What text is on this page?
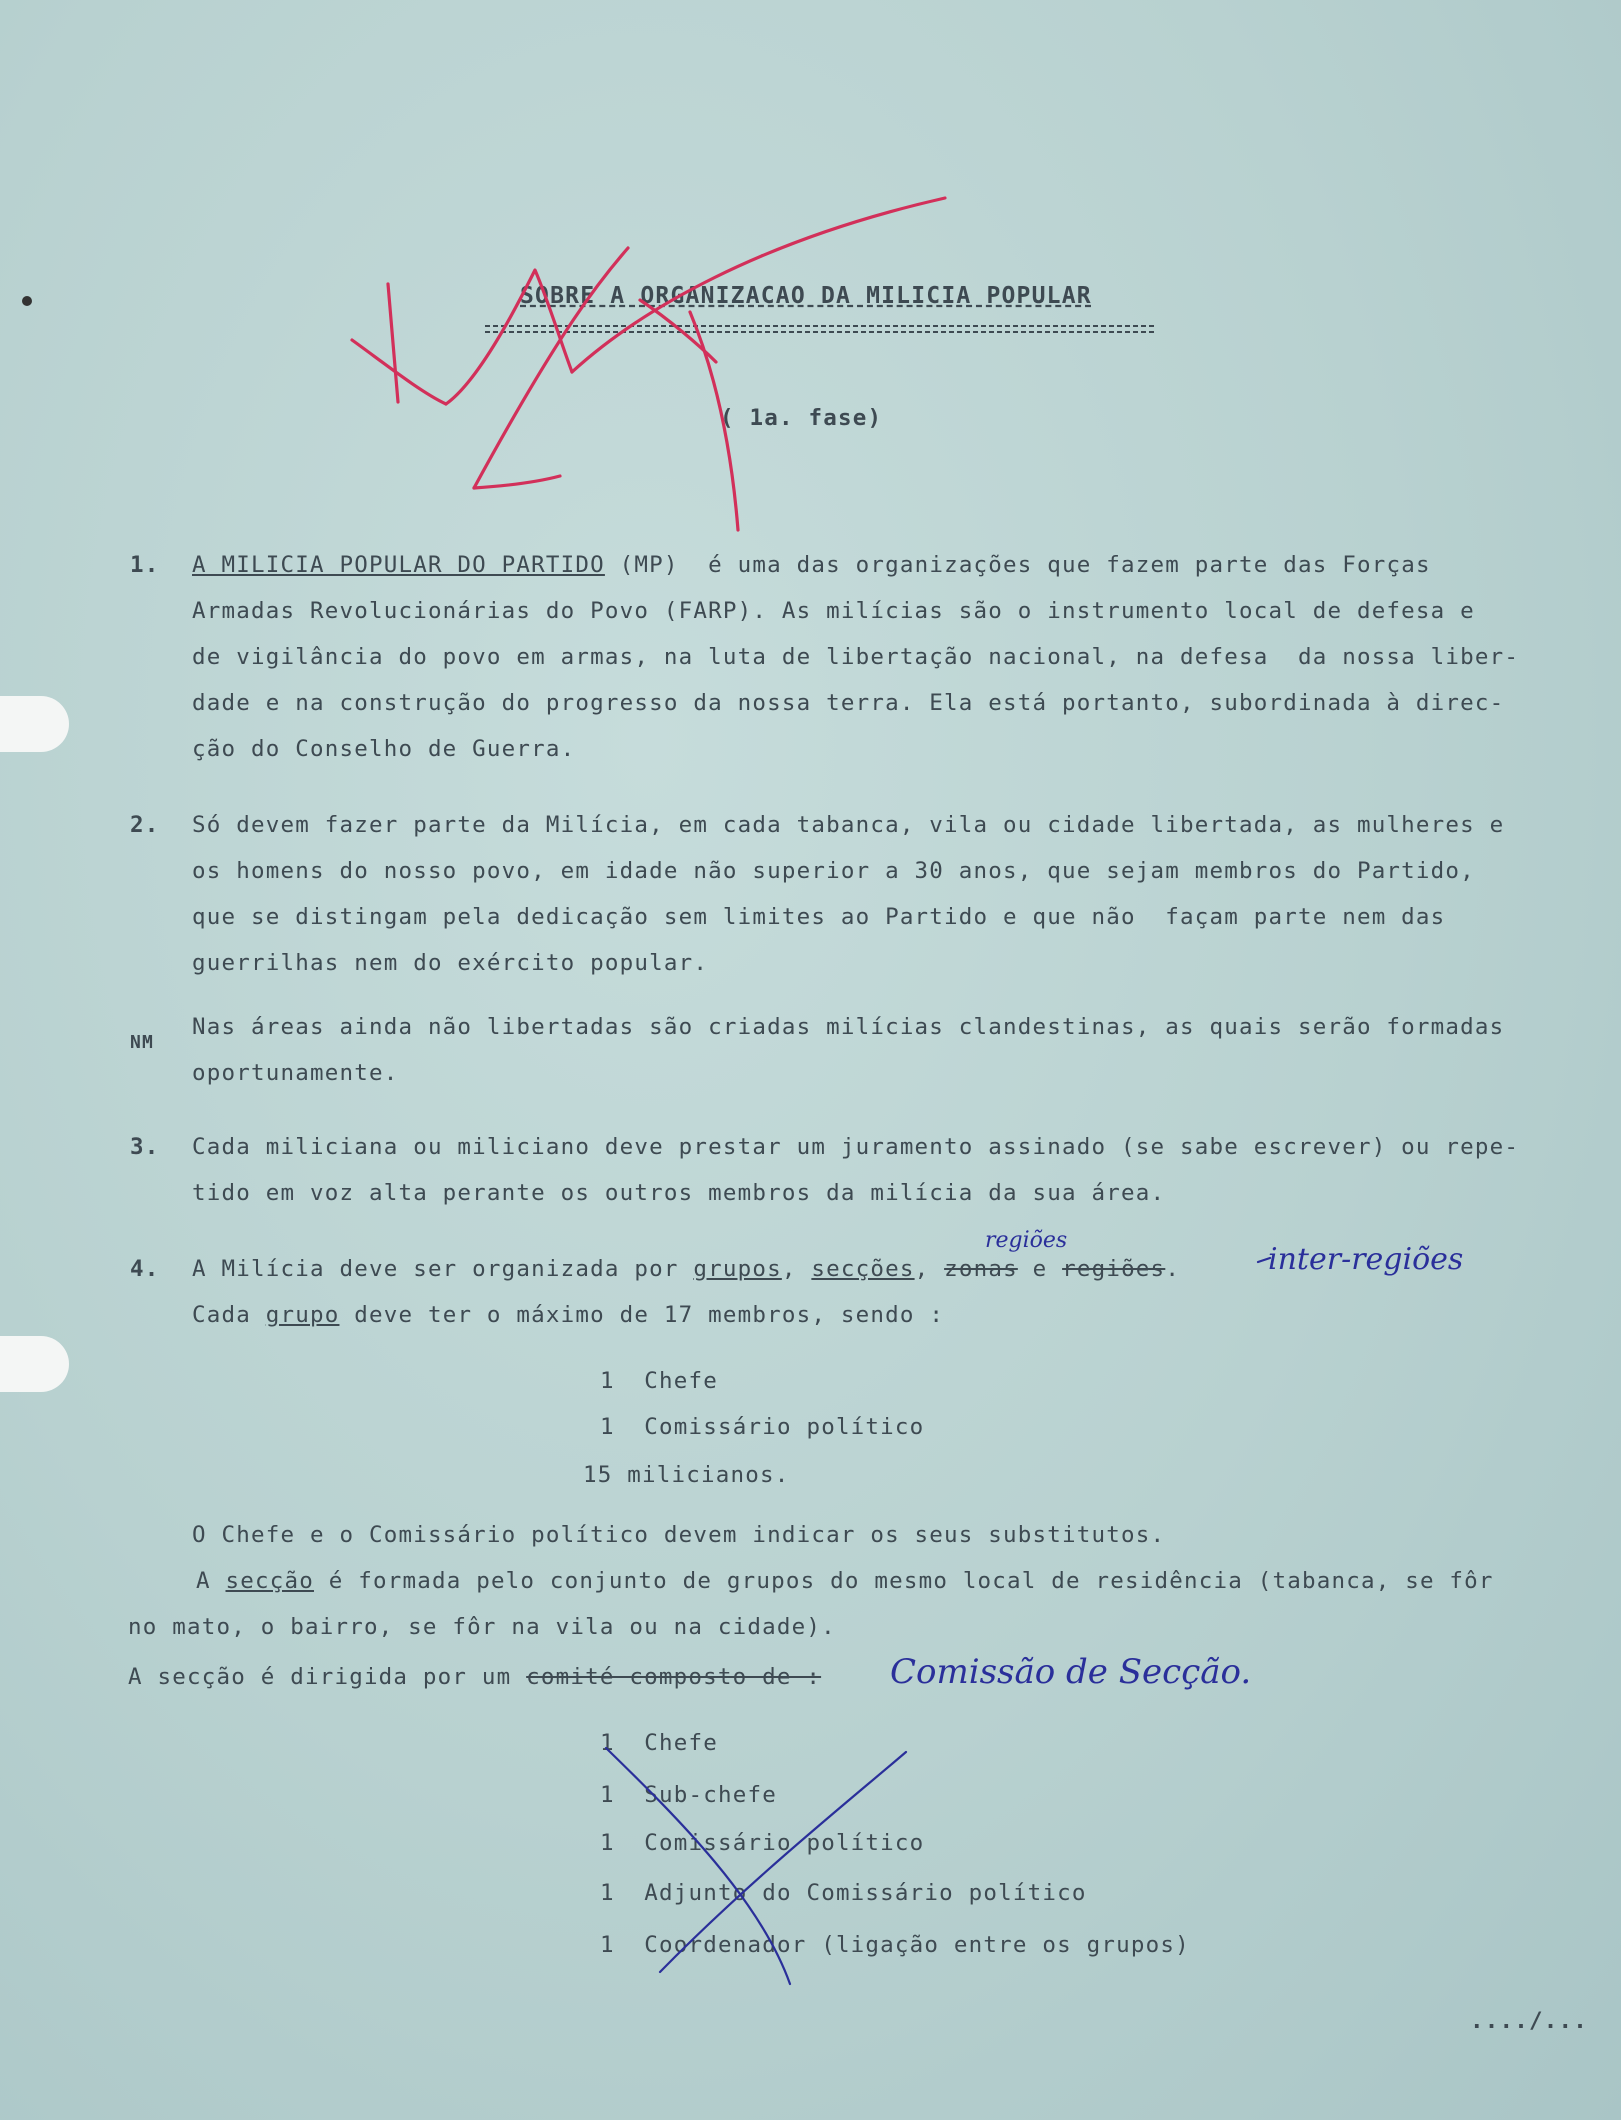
SOBRE A ORGANIZACAO DA MILICIA POPULAR
( 1a. fase)
1. A MILICIA POPULAR DO PARTIDO (MP)  é uma das organizações que fazem parte das Forças
Armadas Revolucionárias do Povo (FARP). As milícias são o instrumento local de defesa e
de vigilância do povo em armas, na luta de libertação nacional, na defesa  da nossa liber-
dade e na construção do progresso da nossa terra. Ela está portanto, subordinada à direc-
ção do Conselho de Guerra.
2. Só devem fazer parte da Milícia, em cada tabanca, vila ou cidade libertada, as mulheres e
os homens do nosso povo, em idade não superior a 30 anos, que sejam membros do Partido,
que se distingam pela dedicação sem limites ao Partido e que não  façam parte nem das
guerrilhas nem do exército popular.
NM
Nas áreas ainda não libertadas são criadas milícias clandestinas, as quais serão formadas
oportunamente.
3. Cada miliciana ou miliciano deve prestar um juramento assinado (se sabe escrever) ou repe-
tido em voz alta perante os outros membros da milícia da sua área.
4. A Milícia deve ser organizada por grupos, secções, zonas e regiões.
regiões
inter-regiões
Cada grupo deve ter o máximo de 17 membros, sendo :
1  Chefe
1  Comissário político
15 milicianos.
O Chefe e o Comissário político devem indicar os seus substitutos.
A secção é formada pelo conjunto de grupos do mesmo local de residência (tabanca, se fôr
no mato, o bairro, se fôr na vila ou na cidade).
A secção é dirigida por um comité composto de : Comissão de Secção.
1  Chefe
1  Sub-chefe
1  Comissário político
1  Adjunto do Comissário político
1  Coordenador (ligação entre os grupos)
..../...
